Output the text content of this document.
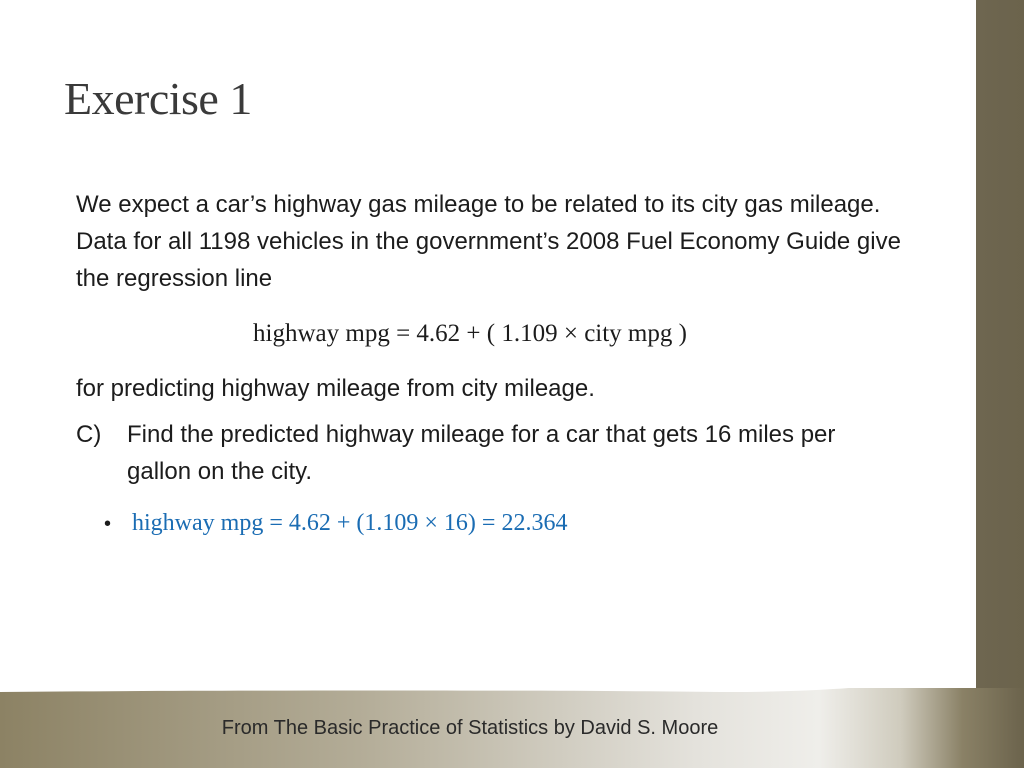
Exercise 1

We expect a car’s highway gas mileage to be related to its city gas mileage. Data for all 1198 vehicles in the government’s 2008 Fuel Economy Guide give the regression line

highway mpg = 4.62 + ( 1.109 × city mpg )

for predicting highway mileage from city mileage.

C) Find the predicted highway mileage for a car that gets 16 miles per gallon on the city.
• highway mpg = 4.62 + (1.109 × 16) = 22.364
From The Basic Practice of Statistics by David S. Moore
